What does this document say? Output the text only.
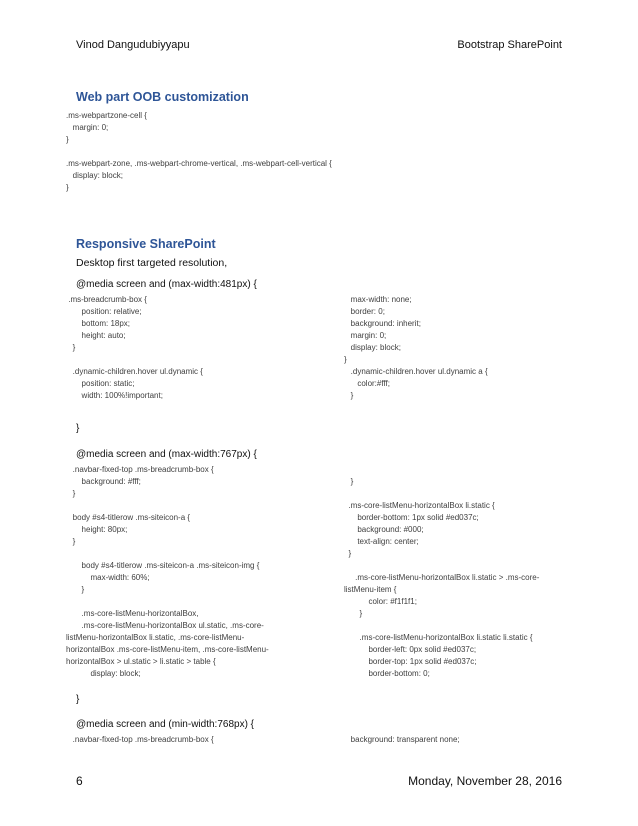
Vinod Dangudubiyyapu	Bootstrap SharePoint
Web part OOB customization
.ms-webpartzone-cell {
margin: 0;
}
.ms-webpart-zone, .ms-webpart-chrome-vertical, .ms-webpart-cell-vertical {
display: block;
}
Responsive SharePoint
Desktop first targeted resolution,
@media screen and (max-width:481px) {
.ms-breadcrumb-box {
position: relative;
bottom: 18px;
height: auto;
}
.dynamic-children.hover ul.dynamic {
position: static;
width: 100%!important;
max-width: none;
border: 0;
background: inherit;
margin: 0;
display: block;
}
.dynamic-children.hover ul.dynamic a {
color:#fff;
}
}
@media screen and (max-width:767px) {
.navbar-fixed-top .ms-breadcrumb-box {
background: #fff;
}
body #s4-titlerow .ms-siteicon-a {
height: 80px;
}
body #s4-titlerow .ms-siteicon-a .ms-siteicon-img {
max-width: 60%;
}
.ms-core-listMenu-horizontalBox,
.ms-core-listMenu-horizontalBox ul.static, .ms-core-
listMenu-horizontalBox li.static, .ms-core-listMenu-
horizontalBox .ms-core-listMenu-item, .ms-core-listMenu-
horizontalBox > ul.static > li.static > table {
display: block;
}
.ms-core-listMenu-horizontalBox li.static {
border-bottom: 1px solid #ed037c;
background: #000;
text-align: center;
}
.ms-core-listMenu-horizontalBox li.static > .ms-core-
listMenu-item {
color: #f1f1f1;
}
.ms-core-listMenu-horizontalBox li.static li.static {
border-left: 0px solid #ed037c;
border-top: 1px solid #ed037c;
border-bottom: 0;
}
@media screen and (min-width:768px) {
.navbar-fixed-top .ms-breadcrumb-box {	background: transparent none;
6	Monday, November 28, 2016
